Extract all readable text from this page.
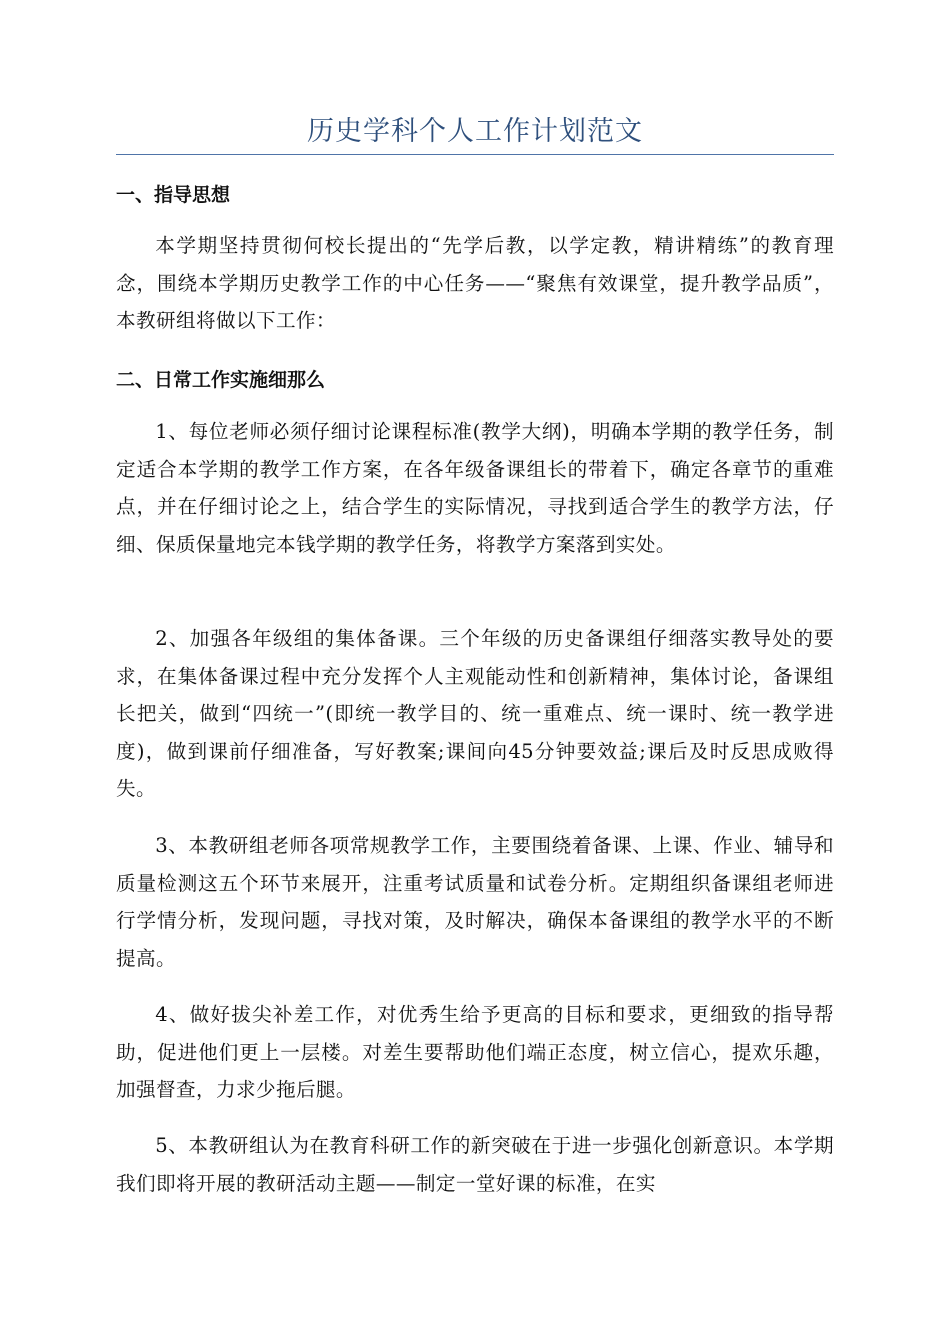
历史学科个人工作计划范文
一、指导思想

本学期坚持贯彻何校长提出的“先学后教，以学定教，精讲精练”的教育理念，围绕本学期历史教学工作的中心任务——“聚焦有效课堂，提升教学品质”，本教研组将做以下工作：

二、日常工作实施细那么

1、每位老师必须仔细讨论课程标准(教学大纲)，明确本学期的教学任务，制定适合本学期的教学工作方案，在各年级备课组长的带着下，确定各章节的重难点，并在仔细讨论之上，结合学生的实际情况，寻找到适合学生的教学方法，仔细、保质保量地完本钱学期的教学任务，将教学方案落到实处。

2、加强各年级组的集体备课。三个年级的历史备课组仔细落实教导处的要求，在集体备课过程中充分发挥个人主观能动性和创新精神，集体讨论，备课组长把关，做到“四统一”(即统一教学目的、统一重难点、统一课时、统一教学进度)，做到课前仔细准备，写好教案;课间向45分钟要效益;课后及时反思成败得失。

3、本教研组老师各项常规教学工作，主要围绕着备课、上课、作业、辅导和质量检测这五个环节来展开，注重考试质量和试卷分析。定期组织备课组老师进行学情分析，发现问题，寻找对策，及时解决，确保本备课组的教学水平的不断提高。

4、做好拔尖补差工作，对优秀生给予更高的目标和要求，更细致的指导帮助，促进他们更上一层楼。对差生要帮助他们端正态度，树立信心，提欢乐趣，加强督查，力求少拖后腿。

5、本教研组认为在教育科研工作的新突破在于进一步强化创新意识。本学期我们即将开展的教研活动主题——制定一堂好课的标准，在实
